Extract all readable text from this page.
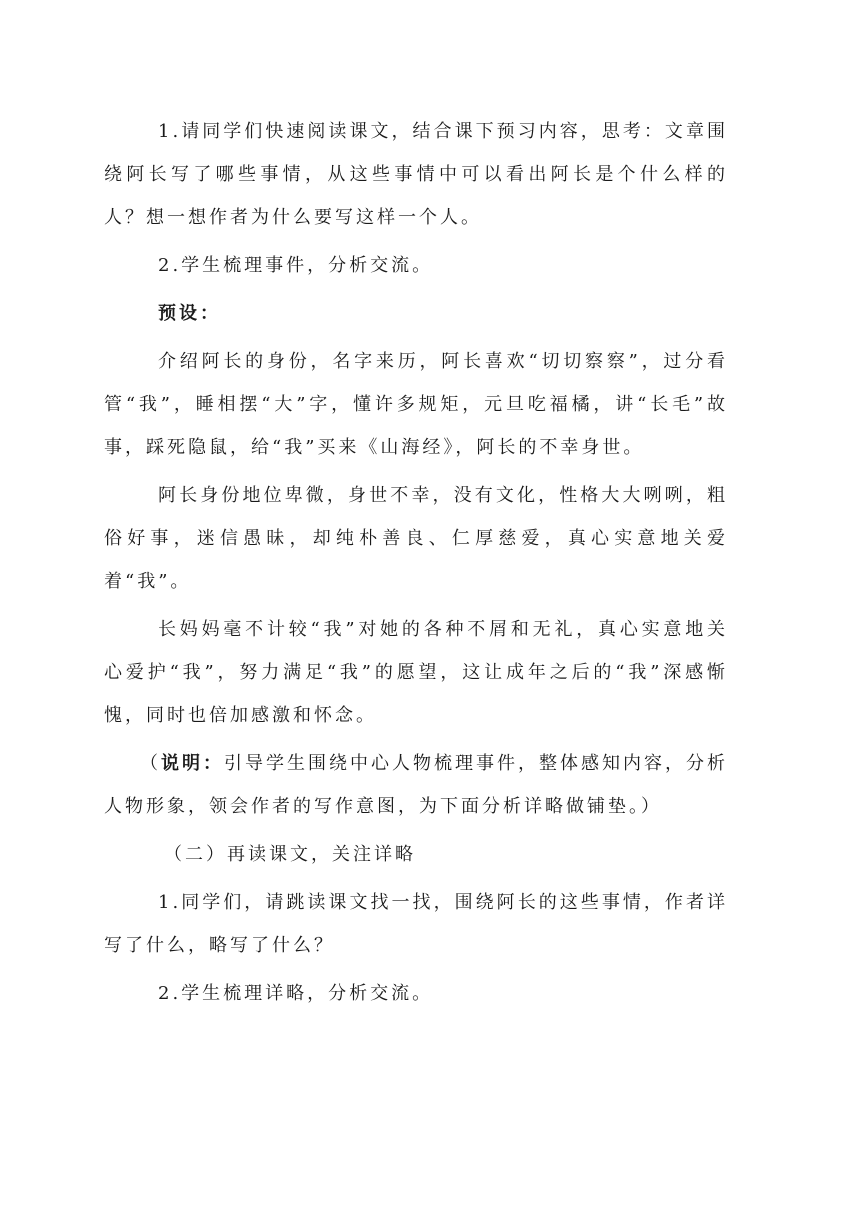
1.请同学们快速阅读课文，结合课下预习内容，思考：文章围绕阿长写了哪些事情，从这些事情中可以看出阿长是个什么样的人？想一想作者为什么要写这样一个人。

2.学生梳理事件，分析交流。

预设：

介绍阿长的身份，名字来历，阿长喜欢“切切察察”，过分看管“我”，睡相摆“大”字，懂许多规矩，元旦吃福橘，讲“长毛”故事，踩死隐鼠，给“我”买来《山海经》，阿长的不幸身世。

阿长身份地位卑微，身世不幸，没有文化，性格大大咧咧，粗俗好事，迷信愚昧，却纯朴善良、仁厚慈爱，真心实意地关爱着“我”。

长妈妈毫不计较“我”对她的各种不屑和无礼，真心实意地关心爱护“我”，努力满足“我”的愿望，这让成年之后的“我”深感惭愧，同时也倍加感激和怀念。

（说明：引导学生围绕中心人物梳理事件，整体感知内容，分析人物形象，领会作者的写作意图，为下面分析详略做铺垫。）

（二）再读课文，关注详略

1.同学们，请跳读课文找一找，围绕阿长的这些事情，作者详写了什么，略写了什么？

2.学生梳理详略，分析交流。
